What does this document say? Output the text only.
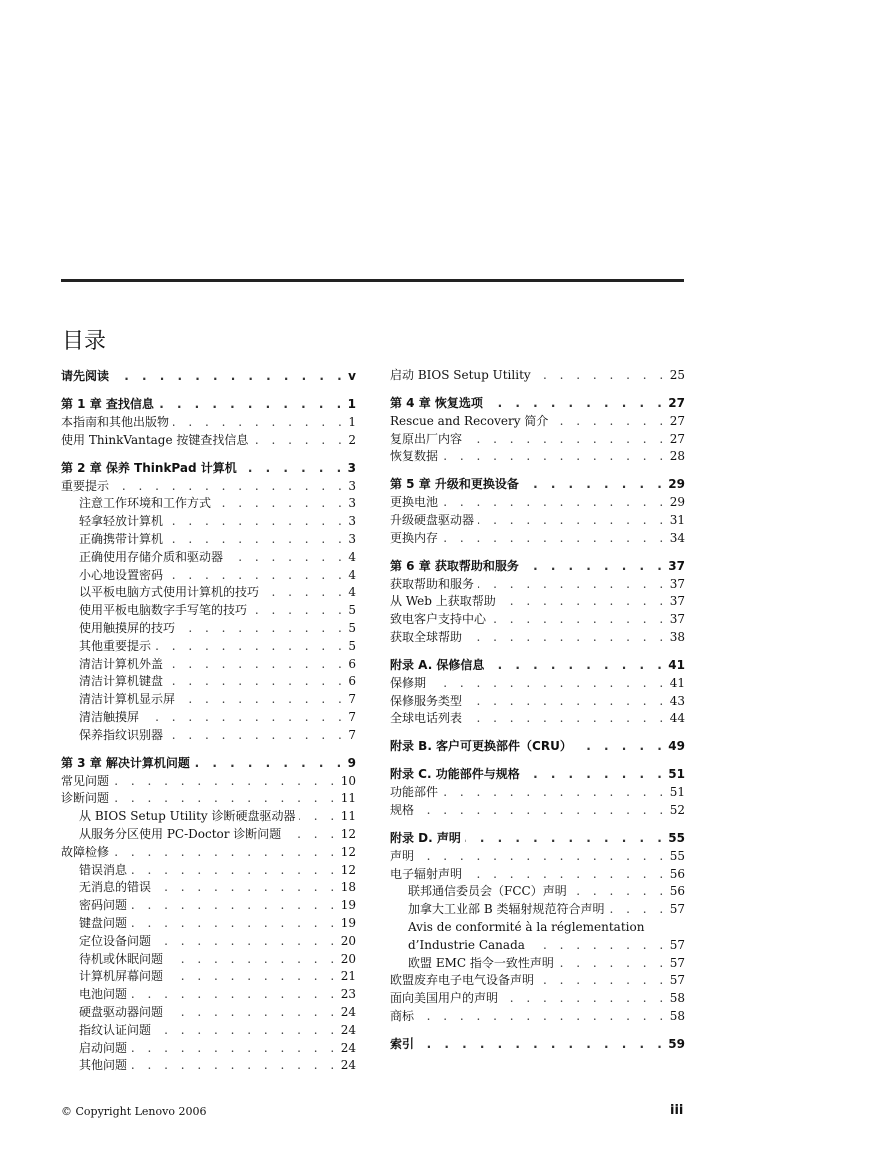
目录
请先阅读 . . .	v
第 1 章 查找信息 . . .	1
本指南和其他出版物 . . .	1
使用 ThinkVantage 按键查找信息 . . .	2
第 2 章 保养 ThinkPad 计算机 . . .	3
重要提示 . . .	3
注意工作环境和工作方式 . . .	3
轻拿轻放计算机 . . .	3
正确携带计算机 . . .	3
正确使用存储介质和驱动器 . . .	4
小心地设置密码 . . .	4
以平板电脑方式使用计算机的技巧 . . .	4
使用平板电脑数字手写笔的技巧 . . .	5
使用触摸屏的技巧 . . .	5
其他重要提示 . . .	5
清洁计算机外盖 . . .	6
清洁计算机键盘 . . .	6
清洁计算机显示屏 . . .	7
清洁触摸屏 . . .	7
保养指纹识别器 . . .	7
第 3 章 解决计算机问题 . . .	9
常见问题 . . .	10
诊断问题 . . .	11
从 BIOS Setup Utility 诊断硬盘驱动器 . . .	11
从服务分区使用 PC-Doctor 诊断问题 . . .	12
故障检修 . . .	12
错误消息 . . .	12
无消息的错误 . . .	18
密码问题 . . .	19
键盘问题 . . .	19
定位设备问题 . . .	20
待机或休眠问题 . . .	20
计算机屏幕问题 . . .	21
电池问题 . . .	23
硬盘驱动器问题 . . .	24
指纹认证问题 . . .	24
启动问题 . . .	24
其他问题 . . .	24
启动 BIOS Setup Utility . . .	25
第 4 章 恢复选项 . . .	27
Rescue and Recovery 简介 . . .	27
复原出厂内容 . . .	27
恢复数据 . . .	28
第 5 章 升级和更换设备 . . .	29
更换电池 . . .	29
升级硬盘驱动器 . . .	31
更换内存 . . .	34
第 6 章 获取帮助和服务 . . .	37
获取帮助和服务 . . .	37
从 Web 上获取帮助 . . .	37
致电客户支持中心 . . .	37
获取全球帮助 . . .	38
附录 A. 保修信息 . . .	41
保修期 . . .	41
保修服务类型 . . .	43
全球电话列表 . . .	44
附录 B. 客户可更换部件（CRU） . . .	49
附录 C. 功能部件与规格 . . .	51
功能部件 . . .	51
规格 . . .	52
附录 D. 声明 . . .	55
声明 . . .	55
电子辐射声明 . . .	56
联邦通信委员会（FCC）声明 . . .	56
加拿大工业部 B 类辐射规范符合声明 . . .	57
Avis de conformité à la réglementation
d’Industrie Canada . . .	57
欧盟 EMC 指令一致性声明 . . .	57
欧盟废弃电子电气设备声明 . . .	57
面向美国用户的声明 . . .	58
商标 . . .	58
索引 . . .	59
© Copyright Lenovo 2006	iii
